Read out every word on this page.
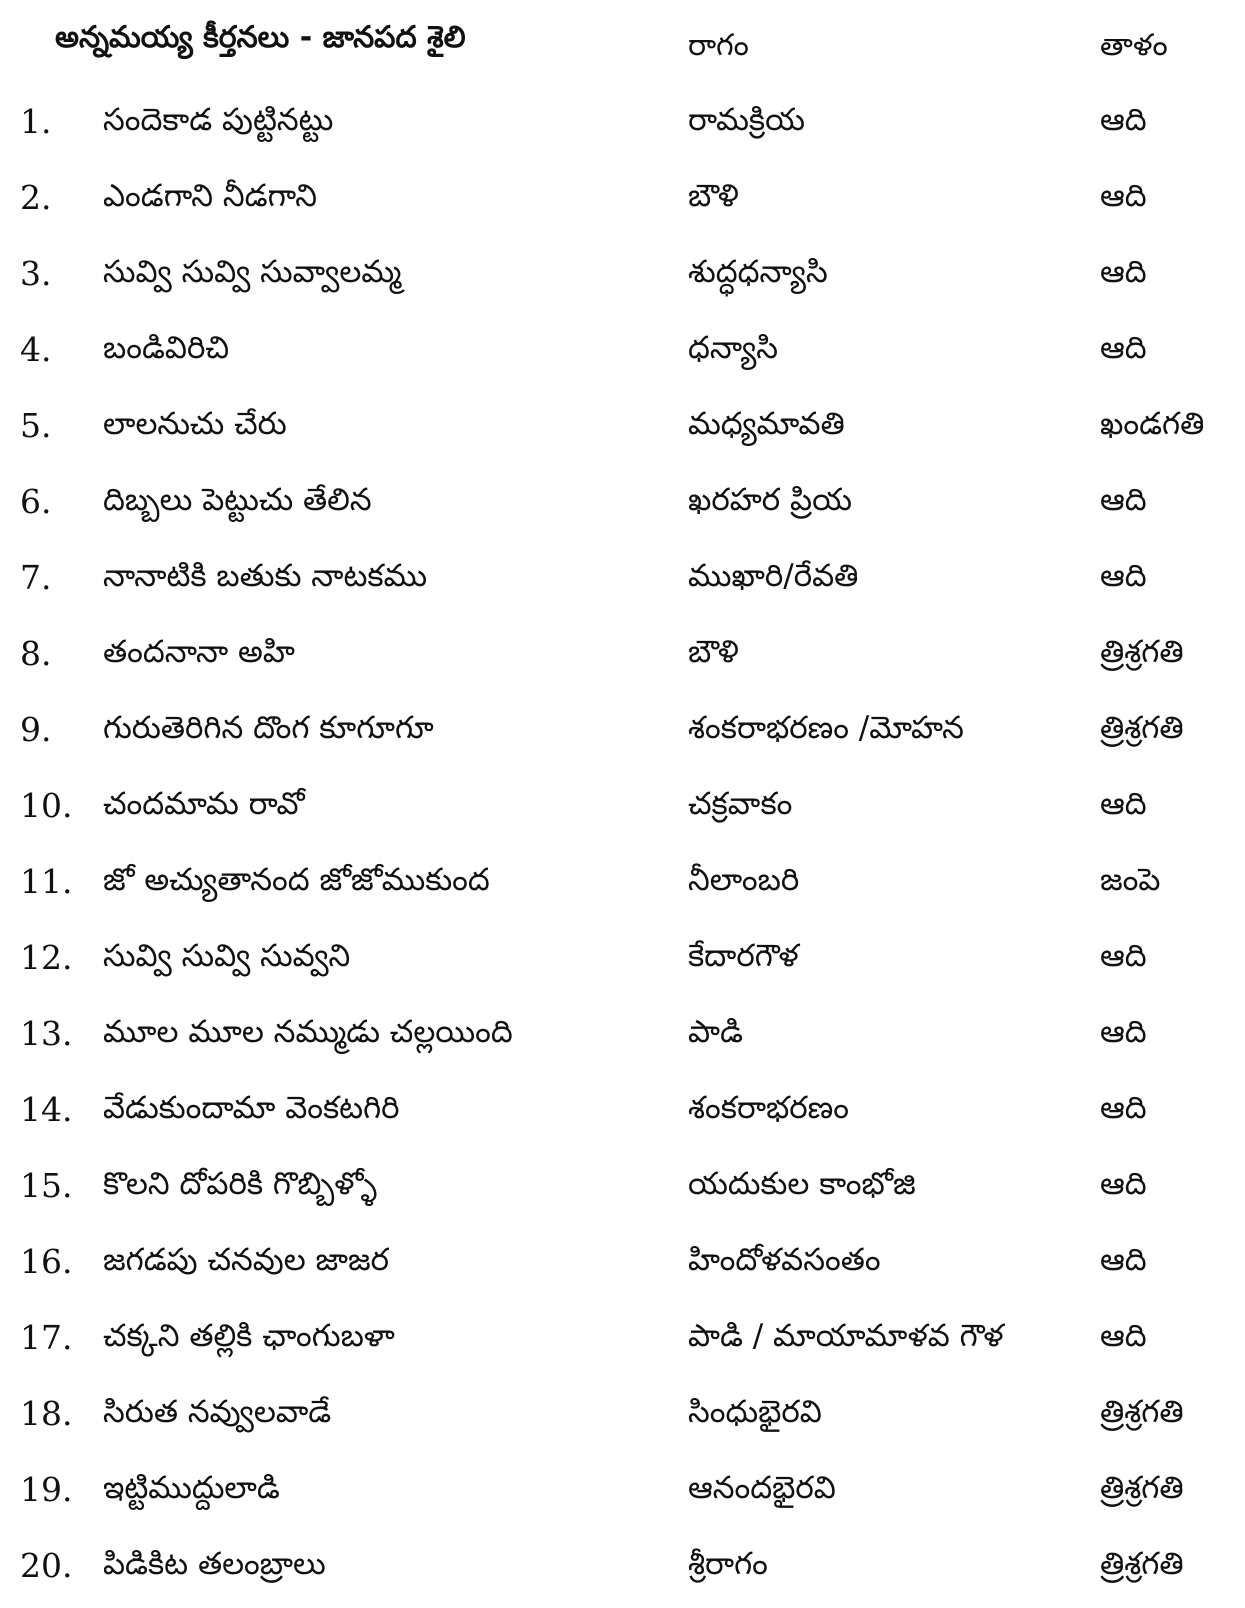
అన్నమయ్య కీర్తనలు - జానపద శైలి	రాగం	తాళం
1. సందెకాడ పుట్టినట్టు	రామక్రియ	ఆది
2. ఎండగాని నీడగాని	బౌళి	ఆది
3. సువ్వి సువ్వి సువ్వాలమ్మ	శుద్ధధన్యాసి	ఆది
4. బండివిరిచి	ధన్యాసి	ఆది
5. లాలనుచు చేరు	మధ్యమావతి	ఖండగతి
6. దిబ్బలు పెట్టుచు తేలిన	ఖరహర ప్రియ	ఆది
7. నానాటికి బతుకు నాటకము	ముఖారి/రేవతి	ఆది
8. తందనానా అహి	బౌళి	త్రిశ్రగతి
9. గురుతెరిగిన దొంగ కూగూగూ	శంకరాభరణం /మోహన	త్రిశ్రగతి
10. చందమామ రావో	చక్రవాకం	ఆది
11. జో అచ్యుతానంద జోజోముకుంద	నీలాంబరి	జంపె
12. సువ్వి సువ్వి సువ్వని	కేదారగౌళ	ఆది
13. మూల మూల నమ్ముడు చల్లయింది	పాడి	ఆది
14. వేడుకుందామా వెంకటగిరి	శంకరాభరణం	ఆది
15. కొలని దోపరికి గొబ్బిళ్ళో	యదుకుల కాంభోజి	ఆది
16. జగడపు చనవుల జాజర	హిందోళవసంతం	ఆది
17. చక్కని తల్లికి ఛాంగుబళా	పాడి / మాయామాళవ గౌళ	ఆది
18. సిరుత నవ్వులవాడే	సింధుభైరవి	త్రిశ్రగతి
19. ఇట్టిముద్దులాడి	ఆనందభైరవి	త్రిశ్రగతి
20. పిడికిట తలంబ్రాలు	శ్రీరాగం	త్రిశ్రగతి
